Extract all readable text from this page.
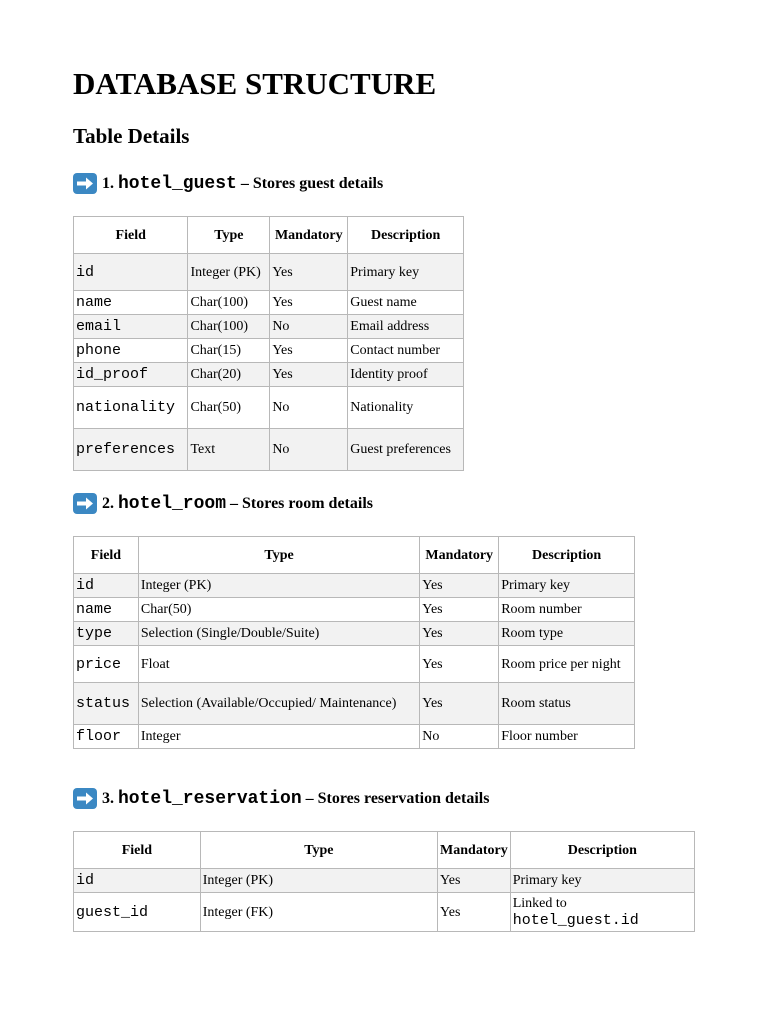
DATABASE STRUCTURE
Table Details
1. hotel_guest – Stores guest details
Field	Type	Mandatory	Description
id	Integer (PK)	Yes	Primary key
name	Char(100)	Yes	Guest name
email	Char(100)	No	Email address
phone	Char(15)	Yes	Contact number
id_proof	Char(20)	Yes	Identity proof
nationality	Char(50)	No	Nationality
preferences	Text	No	Guest preferences
2. hotel_room – Stores room details
Field	Type	Mandatory	Description
id	Integer (PK)	Yes	Primary key
name	Char(50)	Yes	Room number
type	Selection (Single/Double/Suite)	Yes	Room type
price	Float	Yes	Room price per night
status	Selection (Available/Occupied/ Maintenance)	Yes	Room status
floor	Integer	No	Floor number
3. hotel_reservation – Stores reservation details
Field	Type	Mandatory	Description
id	Integer (PK)	Yes	Primary key
guest_id	Integer (FK)	Yes	Linked to
hotel_guest.id
